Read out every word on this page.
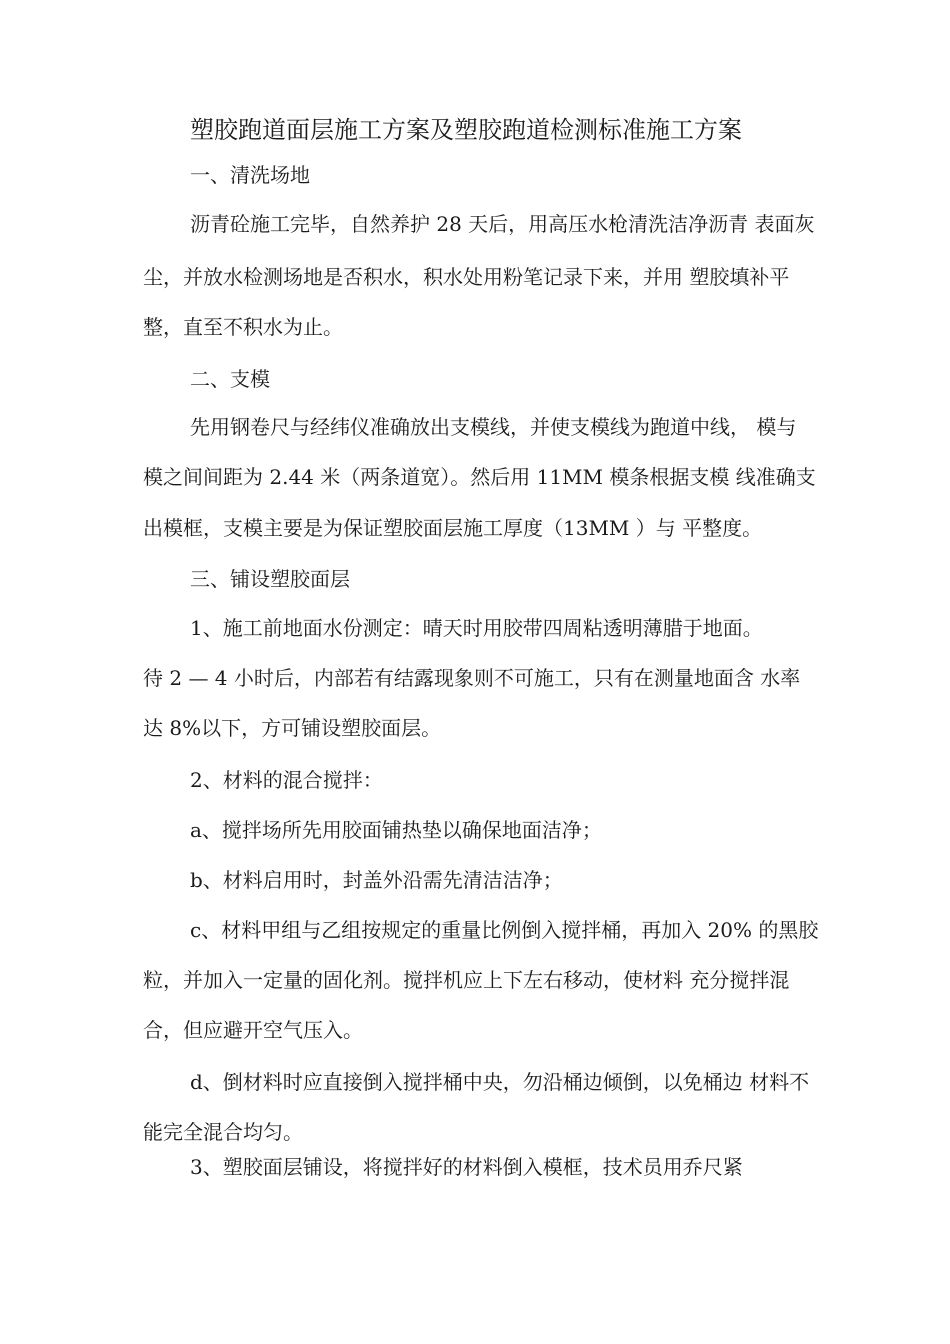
塑胶跑道面层施工方案及塑胶跑道检测标准施工方案
一、清洗场地
沥青砼施工完毕，自然养护 28 天后，用高压水枪清洗洁净沥青 表面灰
尘，并放水检测场地是否积水，积水处用粉笔记录下来，并用 塑胶填补平
整，直至不积水为止。
二、支模
先用钢卷尺与经纬仪准确放出支模线，并使支模线为跑道中线， 模与
模之间间距为 2.44 米（两条道宽）。然后用 11MM 模条根据支模 线准确支
出模框，支模主要是为保证塑胶面层施工厚度（13MM ）与 平整度。
三、铺设塑胶面层
1、施工前地面水份测定：晴天时用胶带四周粘透明薄腊于地面。
待 2 — 4 小时后，内部若有结露现象则不可施工，只有在测量地面含 水率
达 8%以下，方可铺设塑胶面层。
2、材料的混合搅拌：
a、搅拌场所先用胶面铺热垫以确保地面洁净；
b、材料启用时，封盖外沿需先清洁洁净；
c、材料甲组与乙组按规定的重量比例倒入搅拌桶，再加入 20% 的黑胶
粒，并加入一定量的固化剂。搅拌机应上下左右移动，使材料 充分搅拌混
合，但应避开空气压入。
d、倒材料时应直接倒入搅拌桶中央，勿沿桶边倾倒，以免桶边 材料不
能完全混合均匀。
3、塑胶面层铺设，将搅拌好的材料倒入模框，技术员用乔尺紧
